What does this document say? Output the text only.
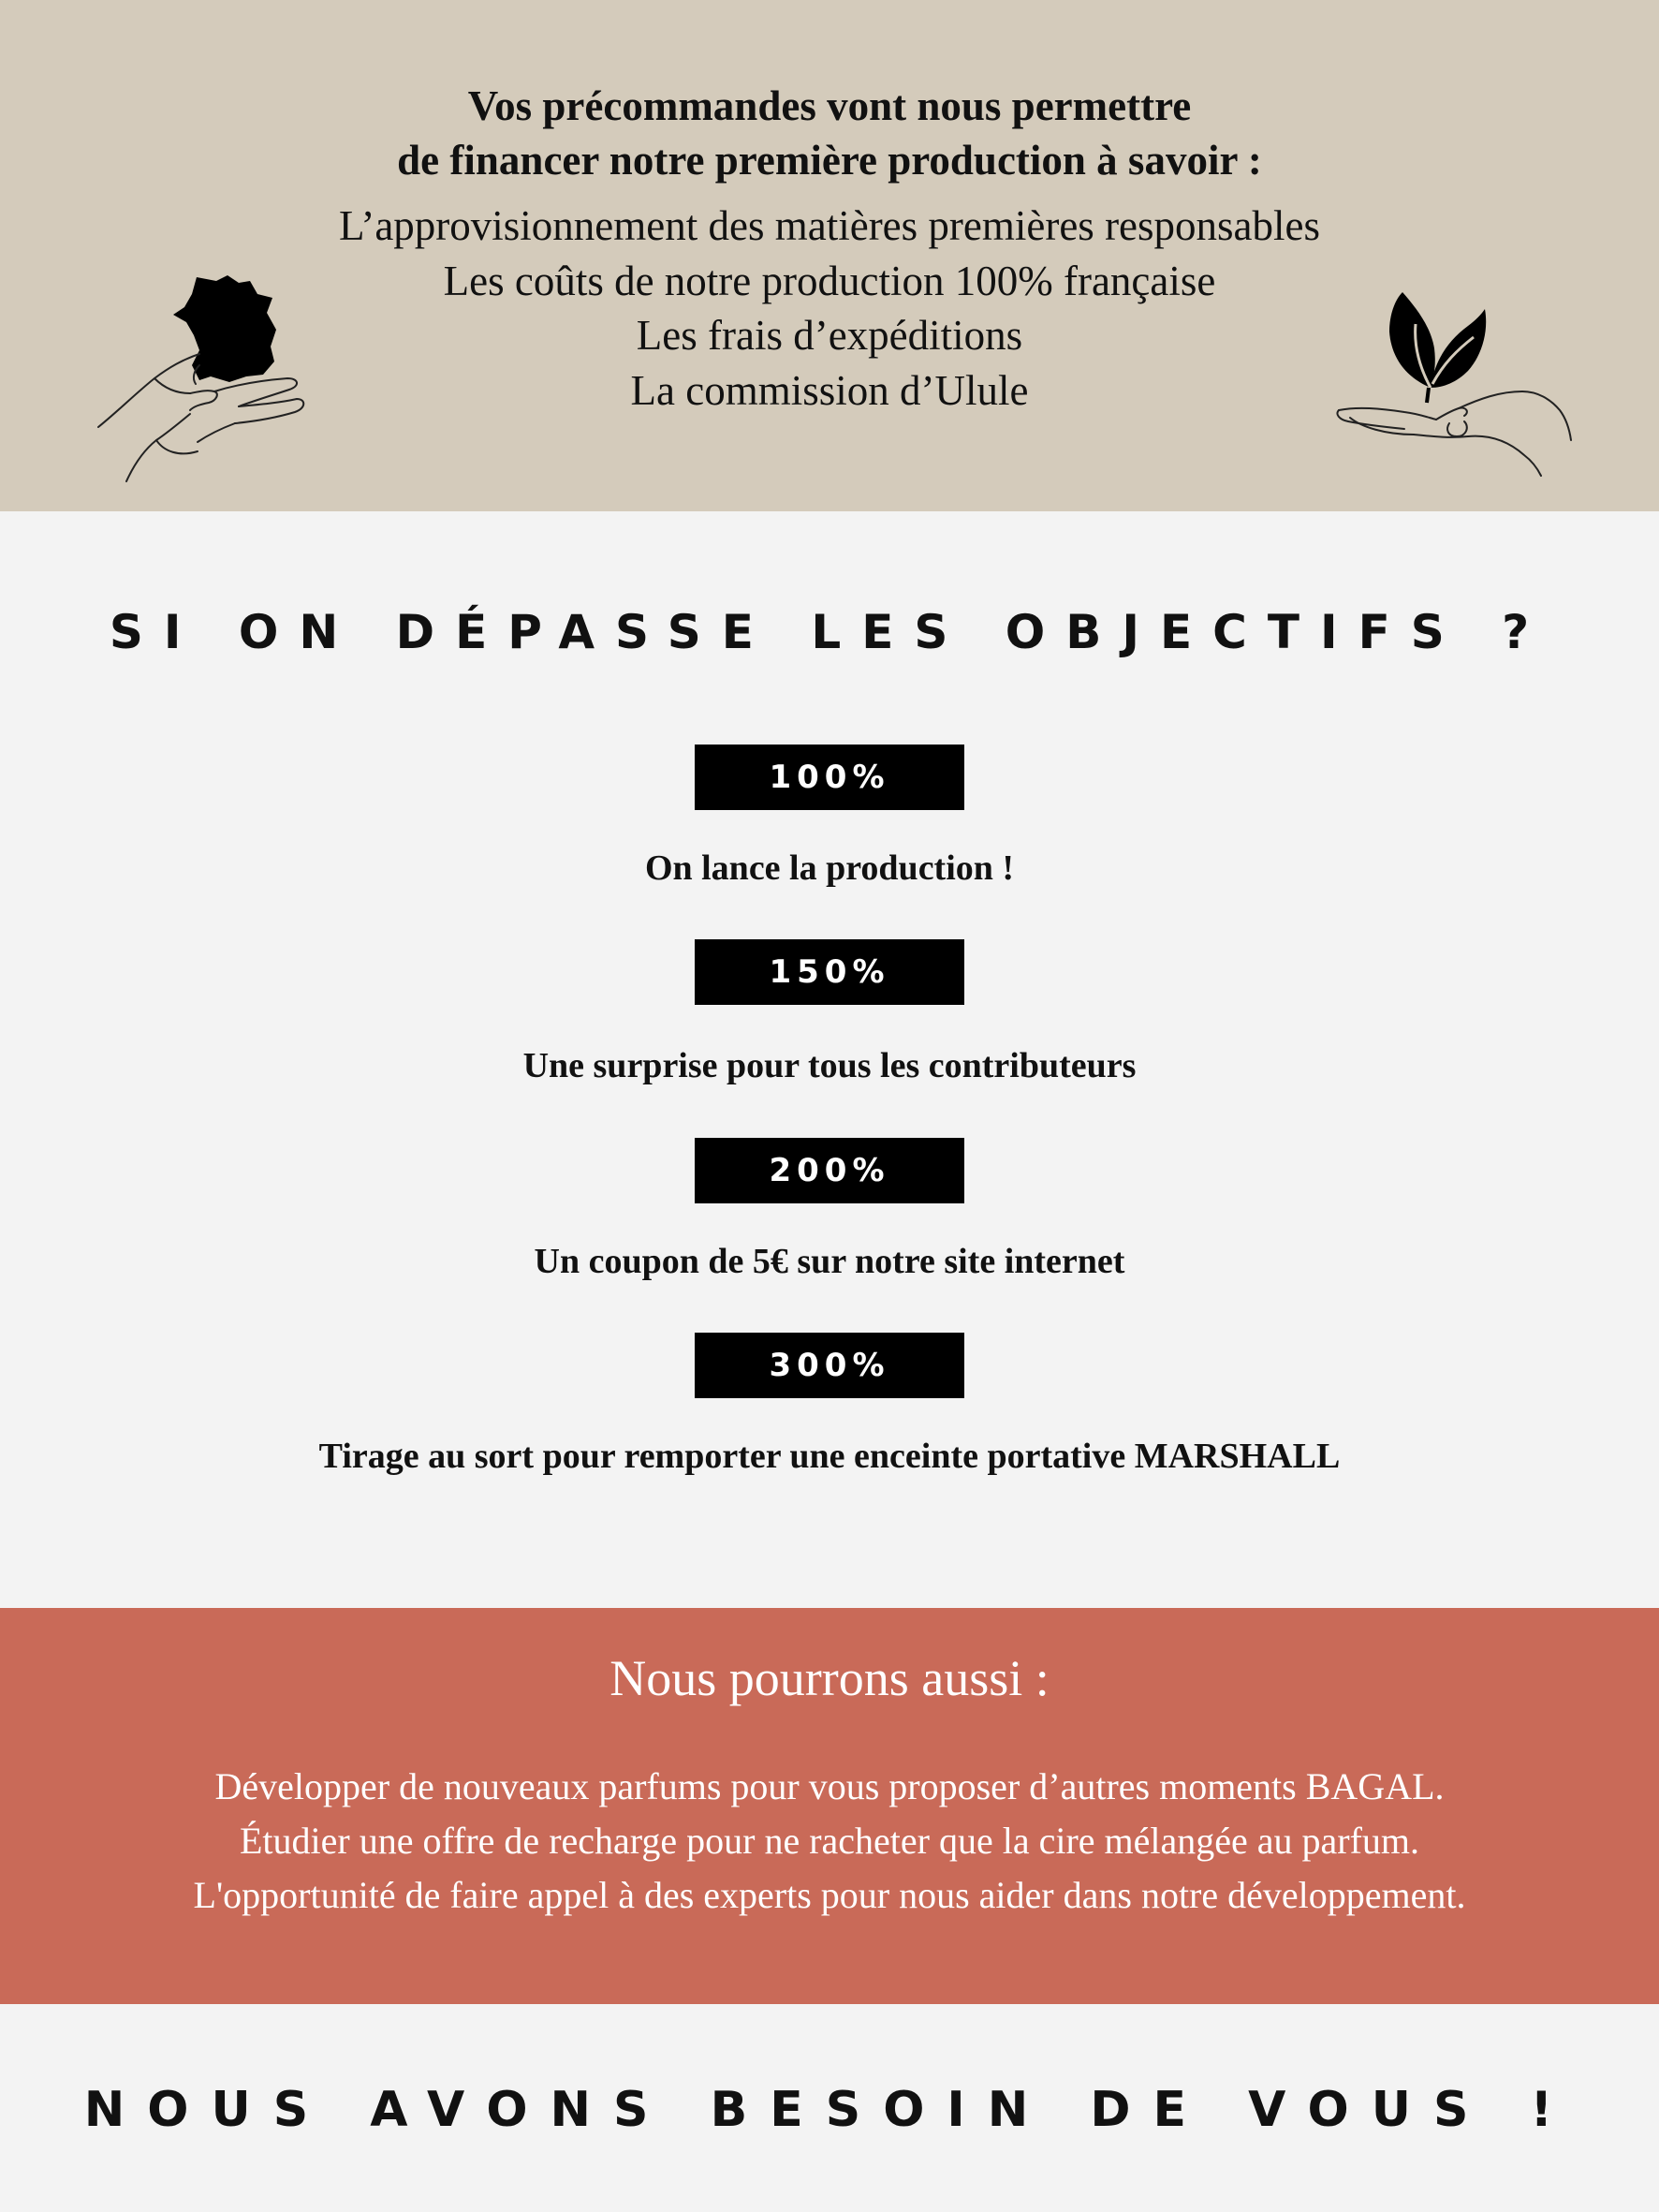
Vos précommandes vont nous permettre
de financer notre première production à savoir :
L’approvisionnement des matières premières responsables
Les coûts de notre production 100% française
Les frais d’expéditions
La commission d’Ulule
SI ON DÉPASSE LES OBJECTIFS ?
100%
On lance la production !
150%
Une surprise pour tous les contributeurs
200%
Un coupon de 5€ sur notre site internet
300%
Tirage au sort pour remporter une enceinte portative MARSHALL
Nous pourrons aussi :
Développer de nouveaux parfums pour vous proposer d’autres moments BAGAL.
Étudier une offre de recharge pour ne racheter que la cire mélangée au parfum.
L'opportunité de faire appel à des experts pour nous aider dans notre développement.
NOUS AVONS BESOIN DE VOUS !
